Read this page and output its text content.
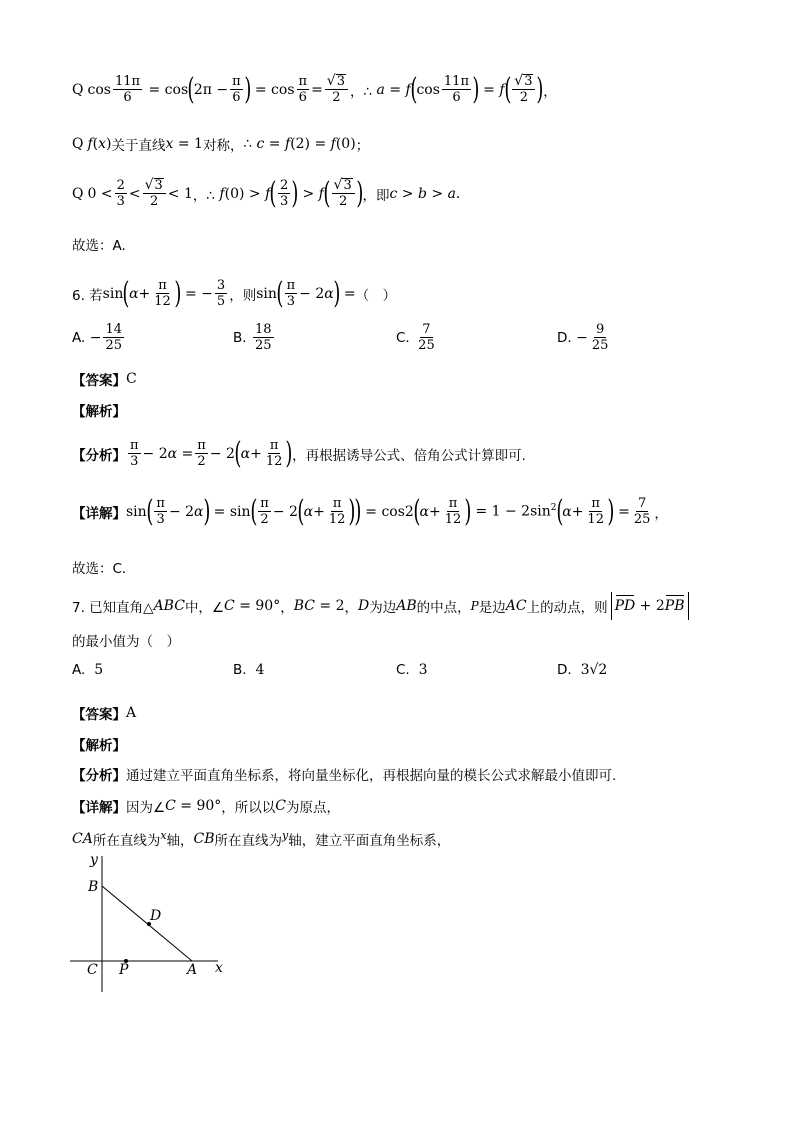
Q $\cos \frac{11\pi}{6} = \cos$ ( $2\pi - \frac{\pi}{6}$ ) = $\cos \frac{\pi}{6} = \frac{√ 3}{2}$ ，∴ a = f ( $\cos \frac{11\pi}{6}$ ) = f ( $\frac{√ 3}{2}$ ) ，
Q f ( x ) 关于直线 x = 1 对称， ∴ c = f (2) = f (0) ；
Q $0 < \frac{2}{3} < \frac{√ 3}{2} < 1$ ，∴ f (0) > f ( $\frac{2}{3}$ ) > f ( $\frac{√ 3}{2}$ ) ，即 c > b > a .
故选：A.
6. 若 sin ( $\alpha + \frac{\pi}{12}$ ) = − $\frac{3}{5}$ ，则 sin ( $\frac{\pi}{3} - 2$ α ) = （　）
A.
− $\frac{14}{25}$	B.
$\frac{18}{25}$	C.
$\frac{7}{25}$	D.
− $\frac{9}{25}$
【答案】 C
【解析】
【分析】 $\frac{\pi}{3} - 2$ $\alpha = \frac{\pi}{2} - 2$ ( $\alpha + \frac{\pi}{12}$ ) ，再根据诱导公式、倍角公式计算即可.
【详解】 sin ( $\frac{\pi}{3} - 2$ α ) = sin ( $\frac{\pi}{2} - 2$ ( $\alpha + \frac{\pi}{12}$ )
) = cos2 ( $\alpha + \frac{\pi}{12}$ ) = $1 - 2\sin^2$ ( $\alpha + \frac{\pi}{12}$ ) = $\frac{7}{25}$ ，
故选：C．
7. 已知直角△ ABC 中，∠ C = 90° ， BC = 2 ， D 为边 AB 的中点， P 是边 AC 上的动点，则 PD + 2 PB
的最小值为（　）
A.
5	B.
4	C.
3	D.
3√2
【答案】 A
【解析】
【分析】 通过建立平面直角坐标系，将向量坐标化，再根据向量的模长公式求解最小值即可.
【详解】 因为∠ C = 90° ，所以以 C 为原点，
CA 所在直线为 x 轴， CB 所在直线为 y 轴，建立平面直角坐标系，
y
x
B
D
C P	A
